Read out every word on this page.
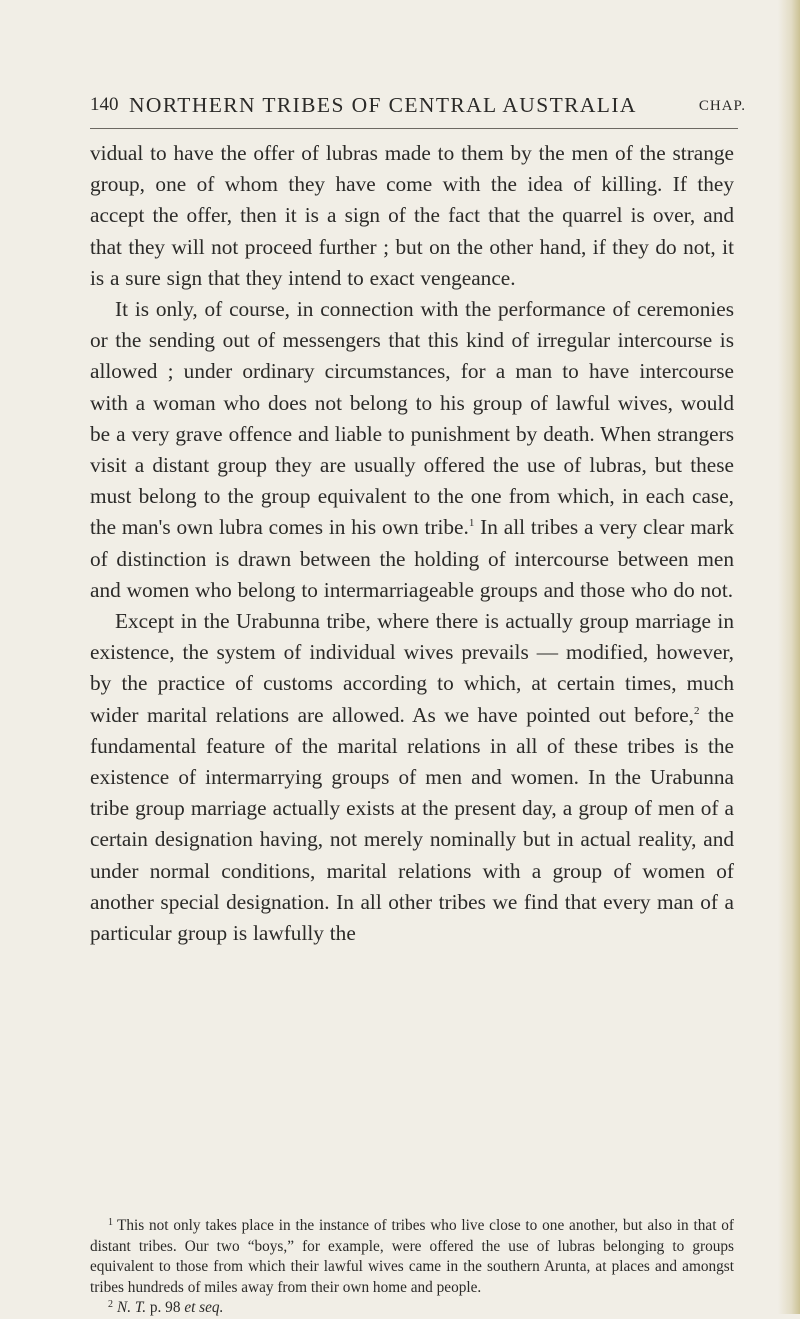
140 NORTHERN TRIBES OF CENTRAL AUSTRALIA	CHAP.

vidual to have the offer of lubras made to them by the men of the strange group, one of whom they have come with the idea of killing. If they accept the offer, then it is a sign of the fact that the quarrel is over, and that they will not proceed further ; but on the other hand, if they do not, it is a sure sign that they intend to exact vengeance.

It is only, of course, in connection with the performance of ceremonies or the sending out of messengers that this kind of irregular intercourse is allowed ; under ordinary circumstances, for a man to have intercourse with a woman who does not belong to his group of lawful wives, would be a very grave offence and liable to punishment by death. When strangers visit a distant group they are usually offered the use of lubras, but these must belong to the group equivalent to the one from which, in each case, the man's own lubra comes in his own tribe.$^1$ In all tribes a very clear mark of distinction is drawn between the holding of intercourse between men and women who belong to intermarriageable groups and those who do not.

Except in the Urabunna tribe, where there is actually group marriage in existence, the system of individual wives prevails — modified, however, by the practice of customs according to which, at certain times, much wider marital relations are allowed. As we have pointed out before,$^2$ the fundamental feature of the marital relations in all of these tribes is the existence of intermarrying groups of men and women. In the Urabunna tribe group marriage actually exists at the present day, a group of men of a certain designation having, not merely nominally but in actual reality, and under normal conditions, marital relations with a group of women of another special designation. In all other tribes we find that every man of a particular group is lawfully the

$^1$ This not only takes place in the instance of tribes who live close to one another, but also in that of distant tribes. Our two “boys,” for example, were offered the use of lubras belonging to groups equivalent to those from which their lawful wives came in the southern Arunta, at places and amongst tribes hundreds of miles away from their own home and people.

$^2$ N. T. p. 98 et seq.
